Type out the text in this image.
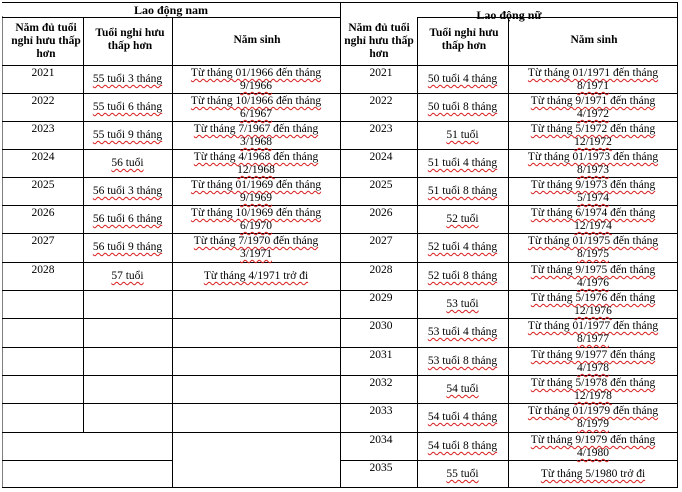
Lao động nam	Lao động nữ
Năm đủ tuổi nghỉ hưu thấp hơn
Tuổi nghỉ hưu thấp hơn	Năm sinh
Năm đủ tuổi nghỉ hưu thấp hơn
Tuổi nghỉ hưu thấp hơn	Năm sinh
2021	55 tuổi 3 tháng	Từ tháng 01/1966 đến tháng
9/1966
2022	55 tuổi 6 tháng	Từ tháng 10/1966 đến tháng
6/1967
2023	55 tuổi 9 tháng	Từ tháng 7/1967 đến tháng
3/1968
2024	56 tuổi	Từ tháng 4/1968 đến tháng
12/1968
2025	56 tuổi 3 tháng	Từ tháng 01/1969 đến tháng
9/1969
2026	56 tuổi 6 tháng	Từ tháng 10/1969 đến tháng
6/1970
2027	56 tuổi 9 tháng	Từ tháng 7/1970 đến tháng
3/1971
2028	57 tuổi	Từ tháng 4/1971 trở đi
2021	50 tuổi 4 tháng	Từ tháng 01/1971 đến tháng
8/1971
2022	50 tuổi 8 tháng	Từ tháng 9/1971 đến tháng
4/1972
2023	51 tuổi	Từ tháng 5/1972 đến tháng
12/1972
2024	51 tuổi 4 tháng	Từ tháng 01/1973 đến tháng
8/1973
2025	51 tuổi 8 tháng	Từ tháng 9/1973 đến tháng
5/1974
2026	52 tuổi	Từ tháng 6/1974 đến tháng
12/1974
2027	52 tuổi 4 tháng	Từ tháng 01/1975 đến tháng
8/1975
2028	52 tuổi 8 tháng	Từ tháng 9/1975 đến tháng
4/1976
2029	53 tuổi	Từ tháng 5/1976 đến tháng
12/1976
2030	53 tuổi 4 tháng	Từ tháng 01/1977 đến tháng
8/1977
2031	53 tuổi 8 tháng	Từ tháng 9/1977 đến tháng
4/1978
2032	54 tuổi	Từ tháng 5/1978 đến tháng
12/1978
2033	54 tuổi 4 tháng	Từ tháng 01/1979 đến tháng
8/1979
2034	54 tuổi 8 tháng	Từ tháng 9/1979 đến tháng
4/1980
2035	55 tuổi	Từ tháng 5/1980 trở đi
